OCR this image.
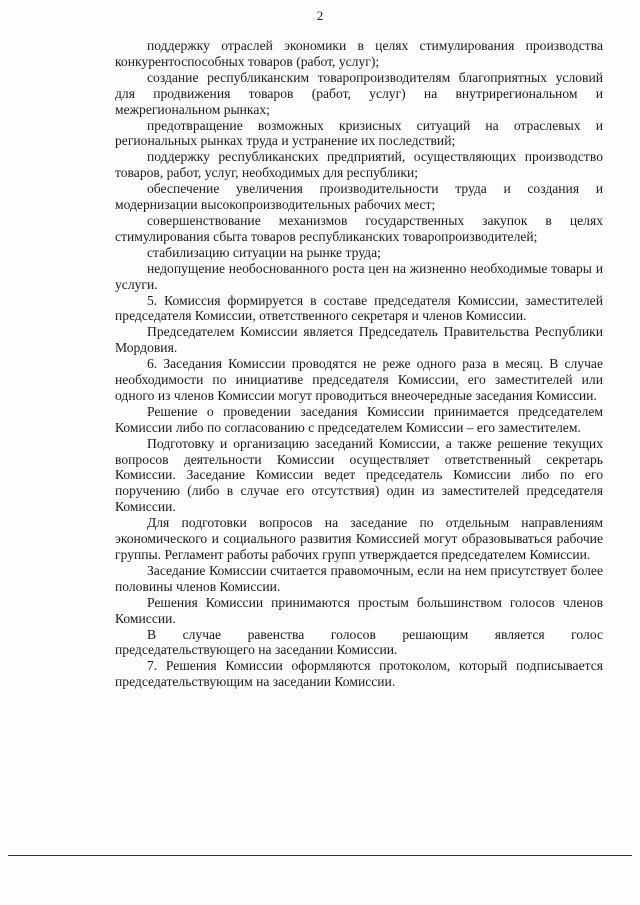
2

поддержку отраслей экономики в целях стимулирования производства конкурентоспособных товаров (работ, услуг);

создание республиканским товаропроизводителям благоприятных условий для продвижения товаров (работ, услуг) на внутрирегиональном и межрегиональном рынках;

предотвращение возможных кризисных ситуаций на отраслевых и региональных рынках труда и устранение их последствий;

поддержку республиканских предприятий, осуществляющих производство товаров, работ, услуг, необходимых для республики;

обеспечение увеличения производительности труда и создания и модернизации высокопроизводительных рабочих мест;

совершенствование механизмов государственных закупок в целях стимулирования сбыта товаров республиканских товаропроизводителей;

стабилизацию ситуации на рынке труда;

недопущение необоснованного роста цен на жизненно необходимые товары и услуги.

5. Комиссия формируется в составе председателя Комиссии, заместителей председателя Комиссии, ответственного секретаря и членов Комиссии.

Председателем Комиссии является Председатель Правительства Республики Мордовия.

6. Заседания Комиссии проводятся не реже одного раза в месяц. В случае необходимости по инициативе председателя Комиссии, его заместителей или одного из членов Комиссии могут проводиться внеочередные заседания Комиссии.

Решение о проведении заседания Комиссии принимается председателем Комиссии либо по согласованию с председателем Комиссии – его заместителем.

Подготовку и организацию заседаний Комиссии, а также решение текущих вопросов деятельности Комиссии осуществляет ответственный секретарь Комиссии. Заседание Комиссии ведет председатель Комиссии либо по его поручению (либо в случае его отсутствия) один из заместителей председателя Комиссии.

Для подготовки вопросов на заседание по отдельным направлениям экономического и социального развития Комиссией могут образовываться рабочие группы. Регламент работы рабочих групп утверждается председателем Комиссии.

Заседание Комиссии считается правомочным, если на нем присутствует более половины членов Комиссии.

Решения Комиссии принимаются простым большинством голосов членов Комиссии.

В случае равенства голосов решающим является голос председательствующего на заседании Комиссии.

7. Решения Комиссии оформляются протоколом, который подписывается председательствующим на заседании Комиссии.
